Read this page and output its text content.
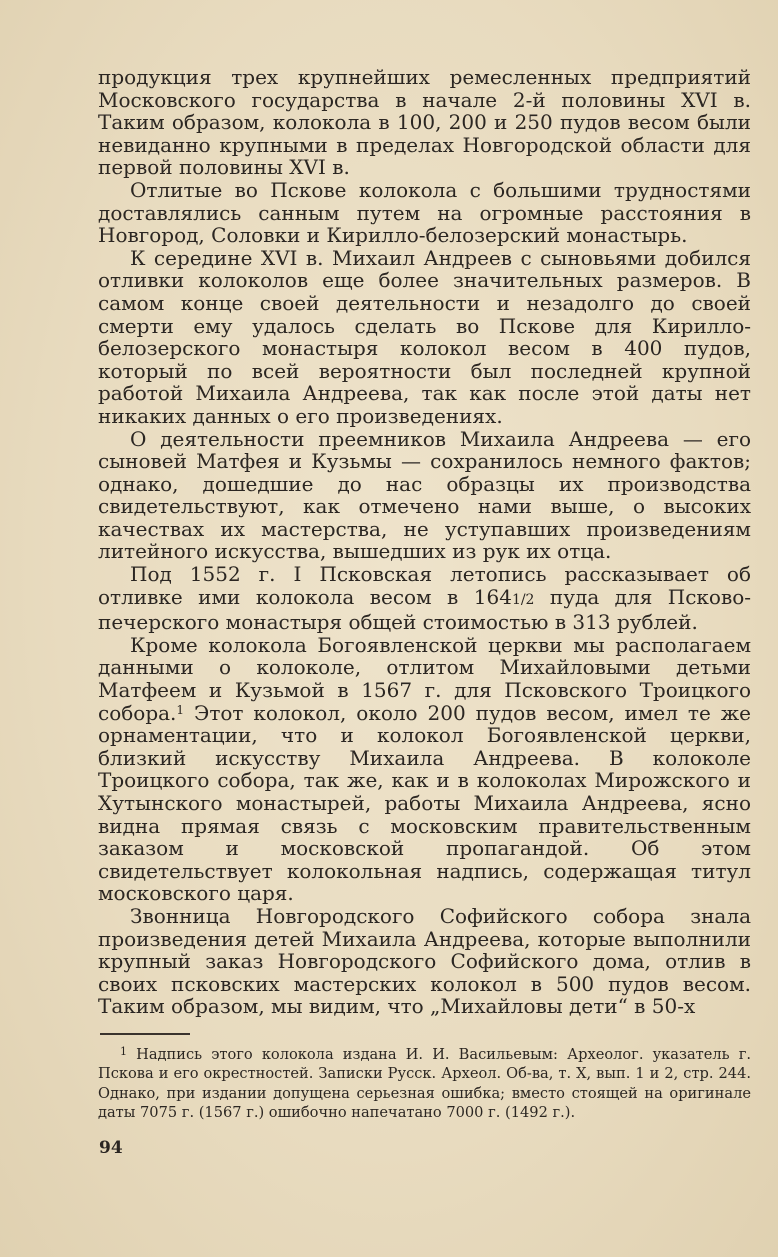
продукция трех крупнейших ремесленных предприятий Московского государства в начале 2-й половины XVI в. Таким образом, колокола в 100, 200 и 250 пудов весом были невиданно крупными в пределах Новгородской области для первой половины XVI в.

Отлитые во Пскове колокола с большими трудностями доставлялись санным путем на огромные расстояния в Новгород, Соловки и Кирилло-белозерский монастырь.

К середине XVI в. Михаил Андреев с сыновьями добился отливки колоколов еще более значительных размеров. В самом конце своей деятельности и незадолго до своей смерти ему удалось сделать во Пскове для Кирилло-белозерского монастыря колокол весом в 400 пудов, который по всей вероятности был последней крупной работой Михаила Андреева, так как после этой даты нет никаких данных о его произведениях.

О деятельности преемников Михаила Андреева — его сыновей Матфея и Кузьмы — сохранилось немного фактов; однако, дошедшие до нас образцы их производства свидетельствуют, как отмечено нами выше, о высоких качествах их мастерства, не уступавших произведениям литейного искусства, вышедших из рук их отца.

Под 1552 г. I Псковская летопись рассказывает об отливке ими колокола весом в 1641/2 пуда для Псково-печерского монастыря общей стоимостью в 313 рублей.

Кроме колокола Богоявленской церкви мы располагаем данными о колоколе, отлитом Михайловыми детьми Матфеем и Кузьмой в 1567 г. для Псковского Троицкого собора.$^1$ Этот колокол, около 200 пудов весом, имел те же орнаментации, что и колокол Богоявленской церкви, близкий искусству Михаила Андреева. В колоколе Троицкого собора, так же, как и в колоколах Мирожского и Хутынского монастырей, работы Михаила Андреева, ясно видна прямая связь с московским правительственным заказом и московской пропагандой. Об этом свидетельствует колокольная надпись, содержащая титул московского царя.

Звонница Новгородского Софийского собора знала произведения детей Михаила Андреева, которые выполнили крупный заказ Новгородского Софийского дома, отлив в своих псковских мастерских колокол в 500 пудов весом. Таким образом, мы видим, что „Михайловы дети“ в 50-х

$^1$ Надпись этого колокола издана И. И. Васильевым: Археолог. указатель г. Пскова и его окрестностей. Записки Русск. Археол. Об-ва, т. X, вып. 1 и 2, стр. 244. Однако, при издании допущена серьезная ошибка; вместо стоящей на оригинале даты 7075 г. (1567 г.) ошибочно напечатано 7000 г. (1492 г.).

94
